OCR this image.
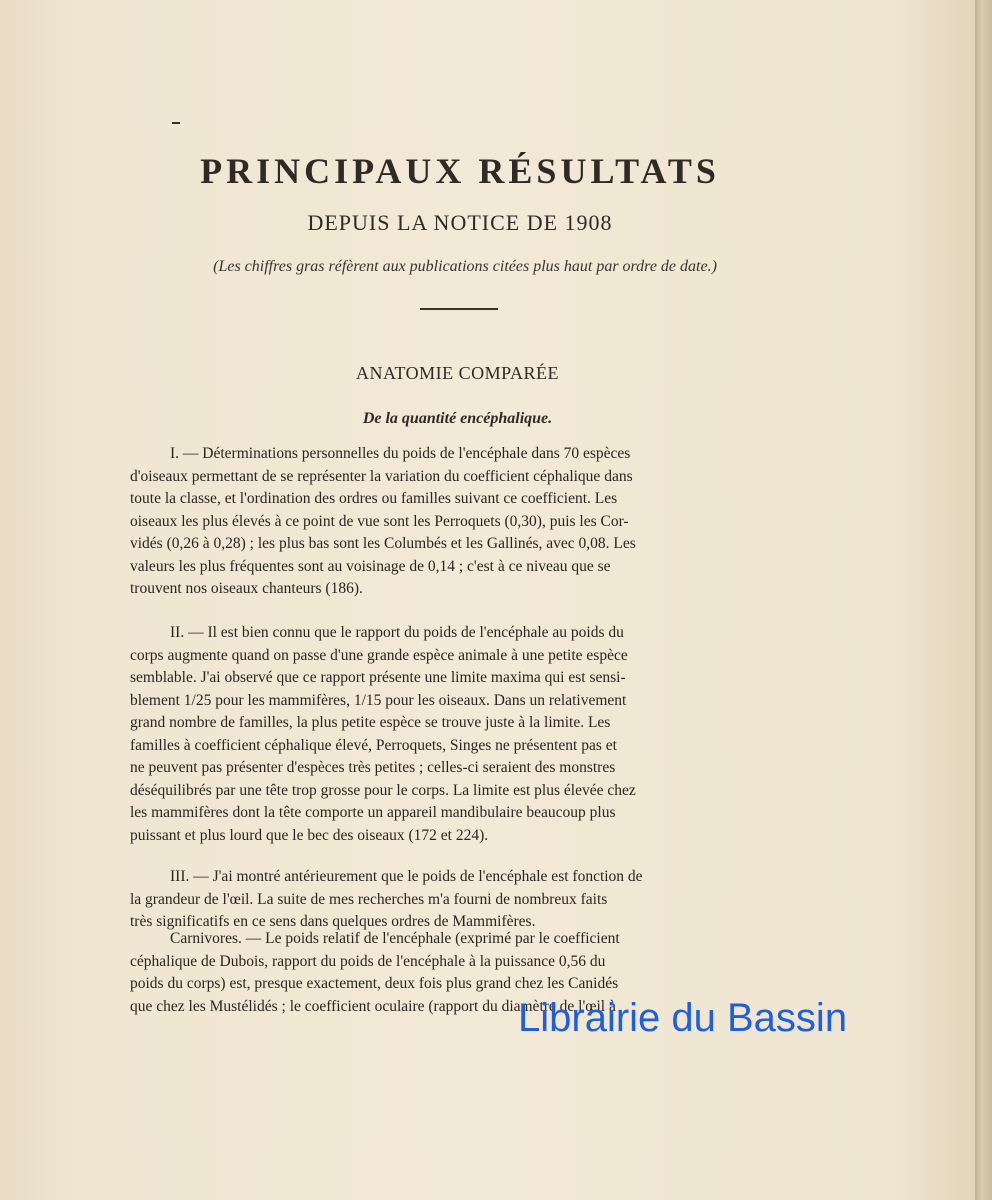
PRINCIPAUX RÉSULTATS
DEPUIS LA NOTICE DE 1908
(Les chiffres gras réfèrent aux publications citées plus haut par ordre de date.)
ANATOMIE COMPARÉE
De la quantité encéphalique.
I. — Déterminations personnelles du poids de l'encéphale dans 70 espèces
d'oiseaux permettant de se représenter la variation du coefficient céphalique dans
toute la classe, et l'ordination des ordres ou familles suivant ce coefficient. Les
oiseaux les plus élevés à ce point de vue sont les Perroquets (0,30), puis les Cor-
vidés (0,26 à 0,28) ; les plus bas sont les Columbés et les Gallinés, avec 0,08. Les
valeurs les plus fréquentes sont au voisinage de 0,14 ; c'est à ce niveau que se
trouvent nos oiseaux chanteurs (186).
II. — Il est bien connu que le rapport du poids de l'encéphale au poids du
corps augmente quand on passe d'une grande espèce animale à une petite espèce
semblable. J'ai observé que ce rapport présente une limite maxima qui est sensi-
blement 1/25 pour les mammifères, 1/15 pour les oiseaux. Dans un relativement
grand nombre de familles, la plus petite espèce se trouve juste à la limite. Les
familles à coefficient céphalique élevé, Perroquets, Singes ne présentent pas et
ne peuvent pas présenter d'espèces très petites ; celles-ci seraient des monstres
déséquilibrés par une tête trop grosse pour le corps. La limite est plus élevée chez
les mammifères dont la tête comporte un appareil mandibulaire beaucoup plus
puissant et plus lourd que le bec des oiseaux (172 et 224).
III. — J'ai montré antérieurement que le poids de l'encéphale est fonction de
la grandeur de l'œil. La suite de mes recherches m'a fourni de nombreux faits
très significatifs en ce sens dans quelques ordres de Mammifères.
Carnivores. — Le poids relatif de l'encéphale (exprimé par le coefficient
céphalique de Dubois, rapport du poids de l'encéphale à la puissance 0,56 du
poids du corps) est, presque exactement, deux fois plus grand chez les Canidés
que chez les Mustélidés ; le coefficient oculaire (rapport du diamètre de l'œil à
Librairie du Bassin
